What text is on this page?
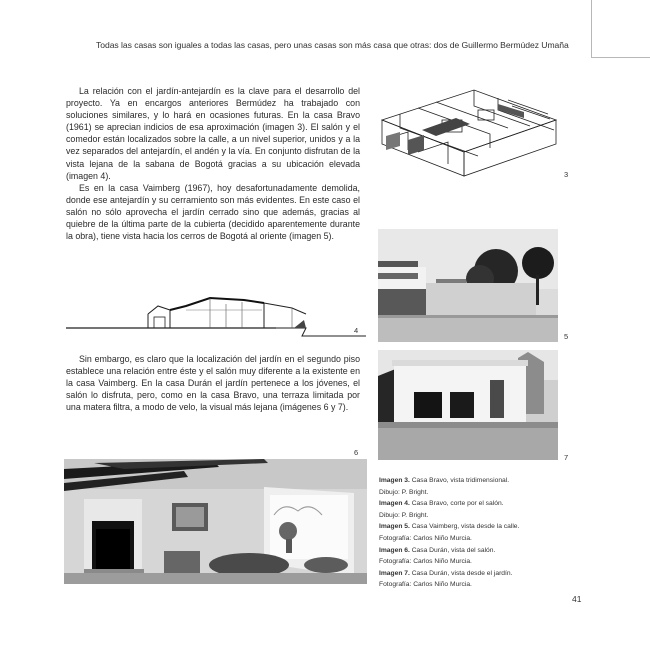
Todas las casas son iguales a todas las casas, pero unas casas son más casa que otras: dos de Guillermo Bermúdez Umaña

La relación con el jardín-antejardín es la clave para el desarrollo del proyecto. Ya en encargos anteriores Bermúdez ha trabajado con soluciones similares, y lo hará en ocasiones futuras. En la casa Bravo (1961) se aprecian indicios de esa aproximación (imagen 3). El salón y el comedor están localizados sobre la calle, a un nivel superior, unidos y a la vez separados del antejardín, el andén y la vía. En conjunto disfrutan de la vista lejana de la sabana de Bogotá gracias a su ubicación elevada (imagen 4).

Es en la casa Vaimberg (1967), hoy desafortunadamente demolida, donde ese antejardín y su cerramiento son más evidentes. En este caso el salón no sólo aprovecha el jardín cerrado sino que además, gracias al quiebre de la última parte de la cubierta (decidido aparentemente durante la obra), tiene vista hacia los cerros de Bogotá al oriente (imagen 5).

4

Sin embargo, es claro que la localización del jardín en el segundo piso establece una relación entre éste y el salón muy diferente a la existente en la casa Vaimberg. En la casa Durán el jardín pertenece a los jóvenes, el salón lo disfruta, pero, como en la casa Bravo, una terraza limitada por una matera filtra, a modo de velo, la visual más lejana (imágenes 6 y 7).

6
3
5
7
Imagen 3. Casa Bravo, vista tridimensional.
Dibujo: P. Bright.
Imagen 4. Casa Bravo, corte por el salón.
Dibujo: P. Bright.
Imagen 5. Casa Vaimberg, vista desde la calle.
Fotografía: Carlos Niño Murcia.
Imagen 6. Casa Durán, vista del salón.
Fotografía: Carlos Niño Murcia.
Imagen 7. Casa Durán, vista desde el jardín.
Fotografía: Carlos Niño Murcia.
41
